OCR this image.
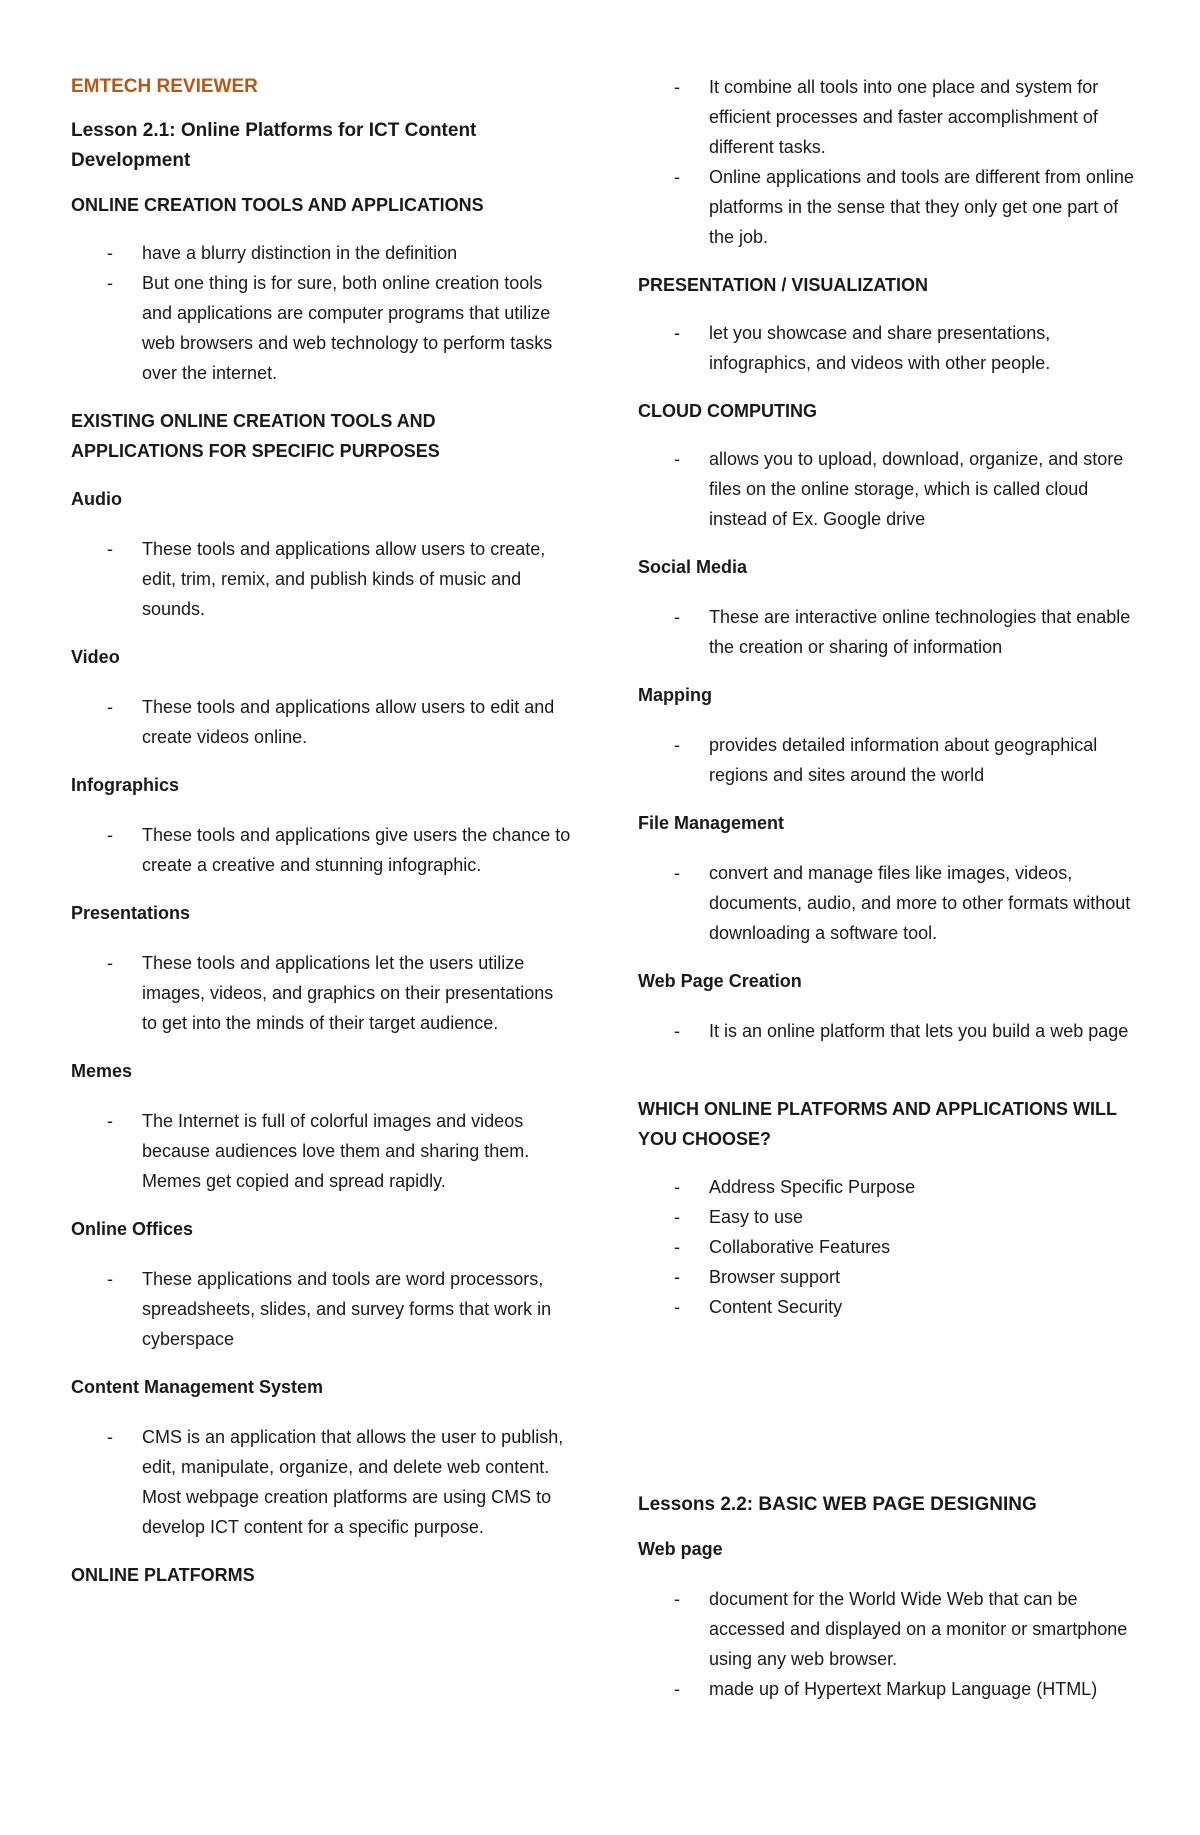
EMTECH REVIEWER
Lesson 2.1: Online Platforms for ICT Content Development
ONLINE CREATION TOOLS AND APPLICATIONS
- have a blurry distinction in the definition
- But one thing is for sure, both online creation tools and applications are computer programs that utilize web browsers and web technology to perform tasks over the internet.
EXISTING ONLINE CREATION TOOLS AND APPLICATIONS FOR SPECIFIC PURPOSES
Audio
- These tools and applications allow users to create, edit, trim, remix, and publish kinds of music and sounds.
Video
- These tools and applications allow users to edit and create videos online.
Infographics
- These tools and applications give users the chance to create a creative and stunning infographic.
Presentations
- These tools and applications let the users utilize images, videos, and graphics on their presentations to get into the minds of their target audience.
Memes
- The Internet is full of colorful images and videos because audiences love them and sharing them. Memes get copied and spread rapidly.
Online Offices
- These applications and tools are word processors, spreadsheets, slides, and survey forms that work in cyberspace
Content Management System
- CMS is an application that allows the user to publish, edit, manipulate, organize, and delete web content. Most webpage creation platforms are using CMS to develop ICT content for a specific purpose.
ONLINE PLATFORMS
- It combine all tools into one place and system for efficient processes and faster accomplishment of different tasks.
- Online applications and tools are different from online platforms in the sense that they only get one part of the job.
PRESENTATION / VISUALIZATION
- let you showcase and share presentations, infographics, and videos with other people.
CLOUD COMPUTING
- allows you to upload, download, organize, and store files on the online storage, which is called cloud instead of Ex. Google drive
Social Media
- These are interactive online technologies that enable the creation or sharing of information
Mapping
- provides detailed information about geographical regions and sites around the world
File Management
- convert and manage files like images, videos, documents, audio, and more to other formats without downloading a software tool.
Web Page Creation
- It is an online platform that lets you build a web page
WHICH ONLINE PLATFORMS AND APPLICATIONS WILL YOU CHOOSE?
- Address Specific Purpose
- Easy to use
- Collaborative Features
- Browser support
- Content Security
Lessons 2.2: BASIC WEB PAGE DESIGNING
Web page
- document for the World Wide Web that can be accessed and displayed on a monitor or smartphone using any web browser.
- made up of Hypertext Markup Language (HTML)
